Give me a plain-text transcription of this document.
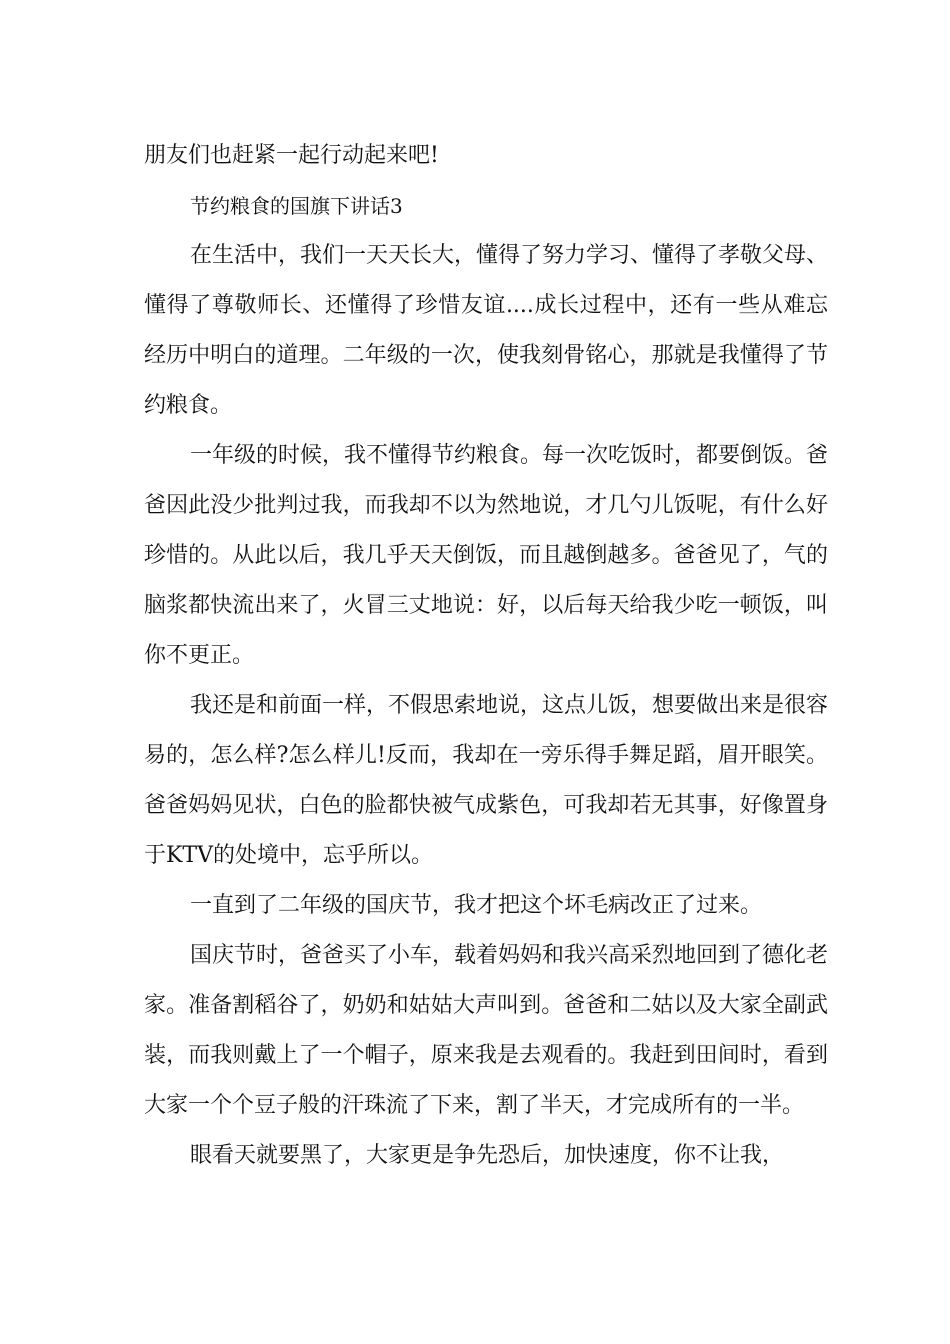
朋友们也赶紧一起行动起来吧!

节约粮食的国旗下讲话3

在生活中，我们一天天长大，懂得了努力学习、懂得了孝敬父母、懂得了尊敬师长、还懂得了珍惜友谊....成长过程中，还有一些从难忘经历中明白的道理。二年级的一次，使我刻骨铭心，那就是我懂得了节约粮食。

一年级的时候，我不懂得节约粮食。每一次吃饭时，都要倒饭。爸爸因此没少批判过我，而我却不以为然地说，才几勺儿饭呢，有什么好珍惜的。从此以后，我几乎天天倒饭，而且越倒越多。爸爸见了，气的脑浆都快流出来了，火冒三丈地说：好，以后每天给我少吃一顿饭，叫你不更正。

我还是和前面一样，不假思索地说，这点儿饭，想要做出来是很容易的，怎么样?怎么样儿!反而，我却在一旁乐得手舞足蹈，眉开眼笑。爸爸妈妈见状，白色的脸都快被气成紫色，可我却若无其事，好像置身于KTV的处境中，忘乎所以。

一直到了二年级的国庆节，我才把这个坏毛病改正了过来。

国庆节时，爸爸买了小车，载着妈妈和我兴高采烈地回到了德化老家。准备割稻谷了，奶奶和姑姑大声叫到。爸爸和二姑以及大家全副武装，而我则戴上了一个帽子，原来我是去观看的。我赶到田间时，看到大家一个个豆子般的汗珠流了下来，割了半天，才完成所有的一半。

眼看天就要黑了，大家更是争先恐后，加快速度，你不让我，
